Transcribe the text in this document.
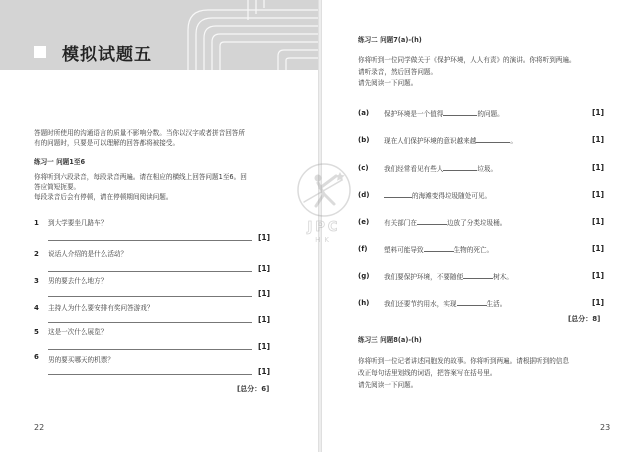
模拟试题五
答题时所使用的沟通语言的质量不影响分数。当你以汉字或者拼音回答所
有的问题时，只要是可以理解的回答都将被接受。
练习一 问题1至6
你将听到六段录音，每段录音两遍。请在相应的横线上回答问题1至6。回
答应简短扼要。
每段录音后会有停顿，请在停顿期间阅读问题。
1 到大学要坐几路车？
[1]
2 说话人介绍的是什么活动？
[1]
3 男的要去什么地方？
[1]
4 主持人为什么要安排有奖问答游戏？
[1]
5 这是一次什么展览？
[1]
6 男的要买哪天的机票？
[1]
[总分：6]
22
练习二 问题7(a)-(h)
你将听到一位同学做关于《保护环境，人人有责》的演讲。你将听到两遍。
请听录音，然后回答问题。
请先阅读一下问题。
(a) 保护环境是一个值得	的问题。	[1]
(b) 现在人们保护环境的意识越来越	。	[1]
(c) 我们经常看见有些人	垃圾。	[1]
(d)	的海滩变得垃圾随处可见。	[1]
(e) 有关部门在	边放了分类垃圾桶。	[1]
(f)	塑料可能导致	生物的死亡。	[1]
(g) 我们要保护环境，不要随便	树木。	[1]
(h) 我们还要节约用水，实现	生活。	[1]
[总分：8]
练习三 问题8(a)-(h)
你将听到一位记者讲述同胞发的故事。你将听到两遍。请根据听到的信息
改正每句话里划线的词语，把答案写在括号里。
请先阅读一下问题。
23
JPC
HK
